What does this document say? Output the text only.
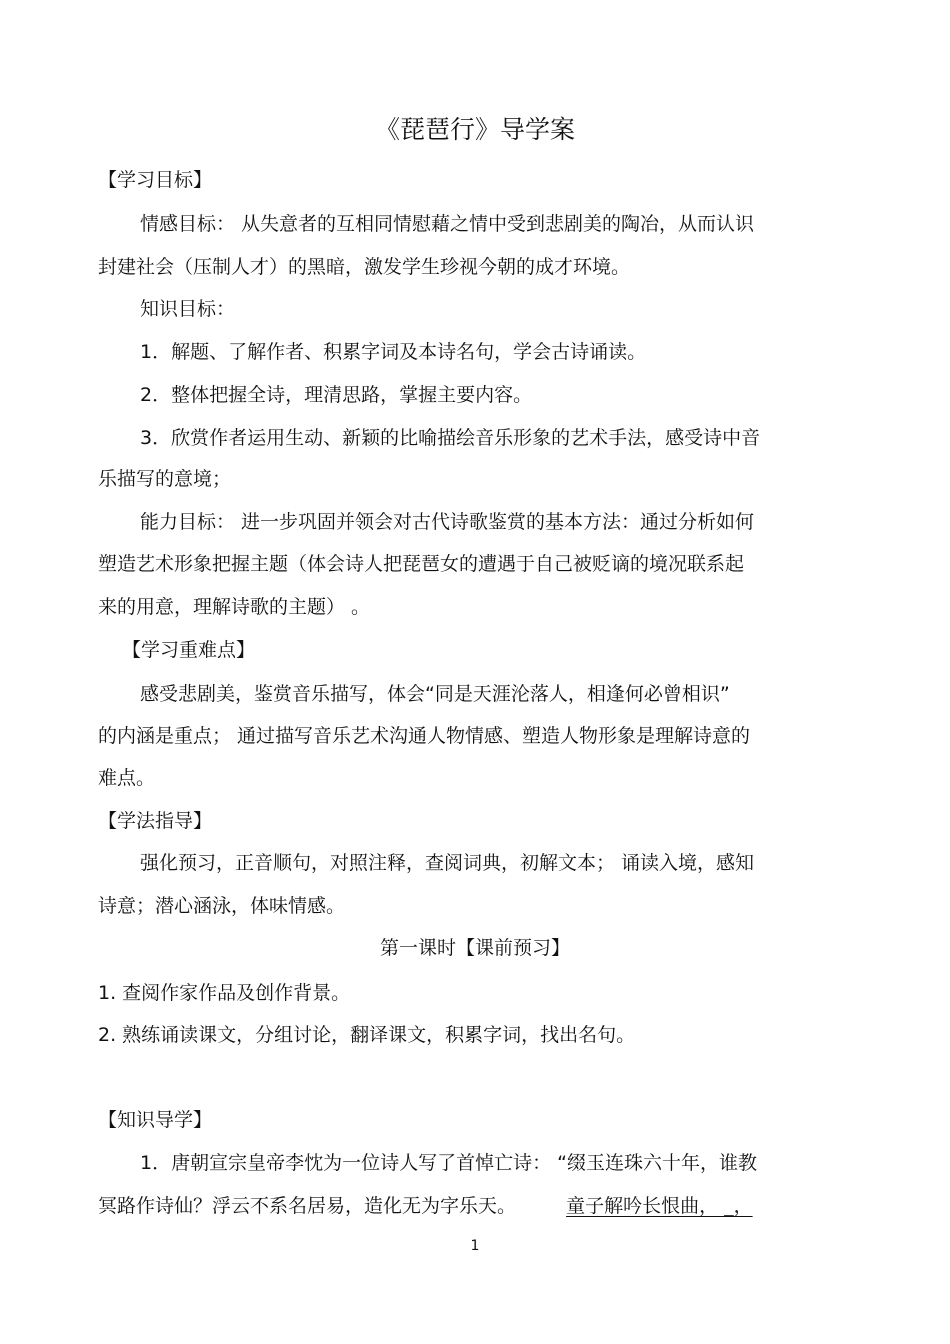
《琵琶行》导学案
【学习目标】
情感目标： 从失意者的互相同情慰藉之情中受到悲剧美的陶冶，从而认识
封建社会（压制人才）的黑暗，激发学生珍视今朝的成才环境。
知识目标：
1．解题、了解作者、积累字词及本诗名句，学会古诗诵读。
2．整体把握全诗，理清思路，掌握主要内容。
3．欣赏作者运用生动、新颖的比喻描绘音乐形象的艺术手法，感受诗中音
乐描写的意境；
能力目标： 进一步巩固并领会对古代诗歌鉴赏的基本方法：通过分析如何
塑造艺术形象把握主题（体会诗人把琵琶女的遭遇于自己被贬谪的境况联系起
来的用意，理解诗歌的主题） 。
【学习重难点】
感受悲剧美，鉴赏音乐描写，体会“同是天涯沦落人，相逢何必曾相识”
的内涵是重点； 通过描写音乐艺术沟通人物情感、塑造人物形象是理解诗意的
难点。
【学法指导】
强化预习，正音顺句，对照注释，查阅词典，初解文本； 诵读入境，感知
诗意；潜心涵泳，体味情感。
第一课时【课前预习】
1. 查阅作家作品及创作背景。
2. 熟练诵读课文，分组讨论，翻译课文，积累字词，找出名句。
【知识导学】
1．唐朝宣宗皇帝李忱为一位诗人写了首悼亡诗： “缀玉连珠六十年，谁教
冥路作诗仙？浮云不系名居易，造化无为字乐天。	童子解吟长恨曲， _，
1
